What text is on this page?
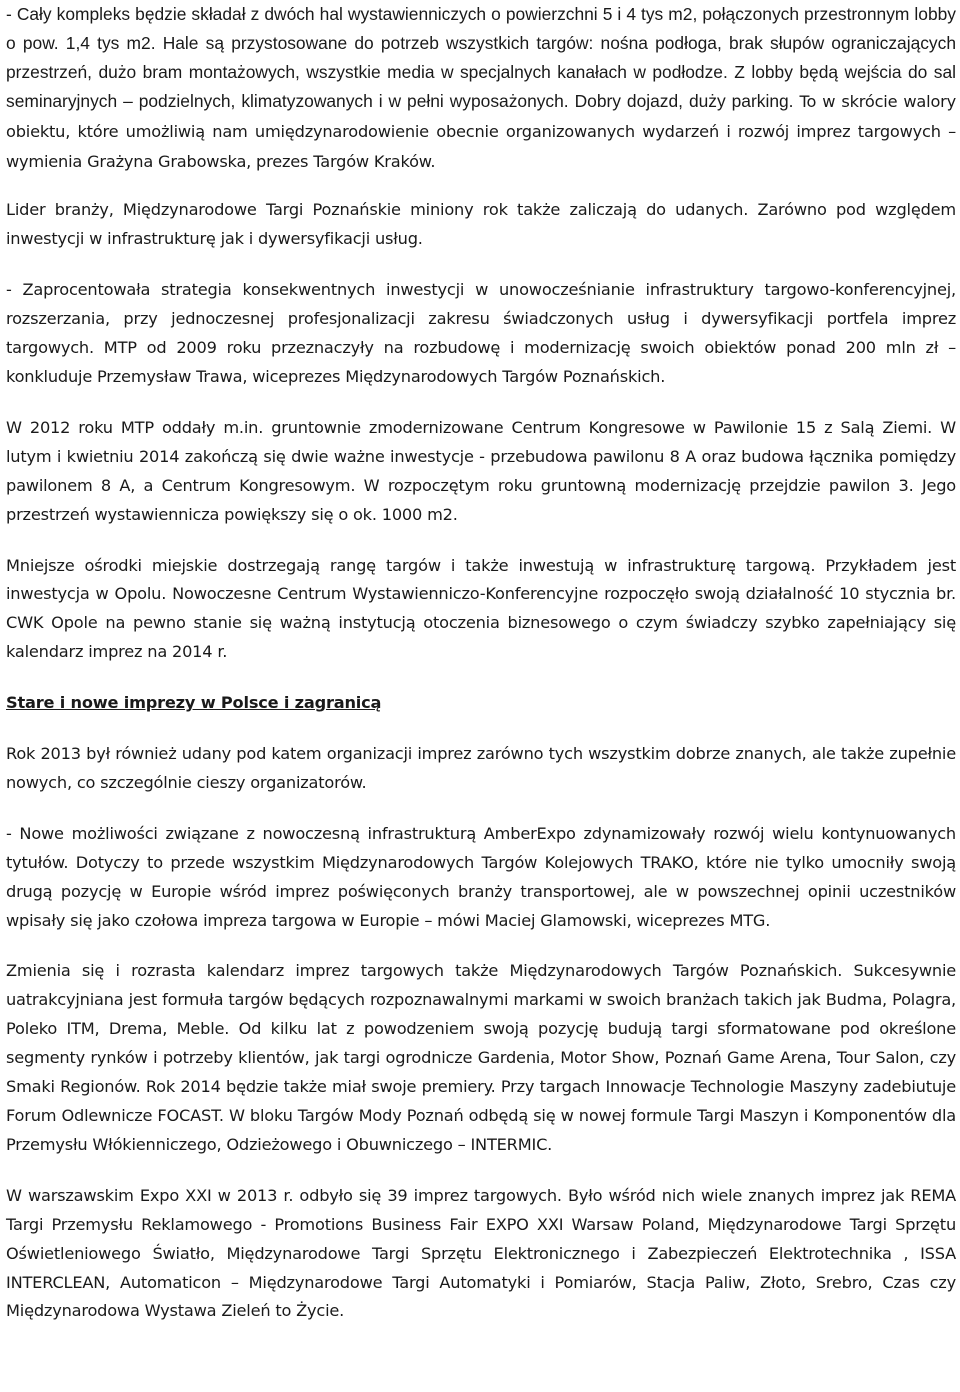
- Cały kompleks będzie składał z dwóch hal wystawienniczych o powierzchni 5 i 4 tys m2, połączonych przestronnym lobby o pow. 1,4 tys m2. Hale są przystosowane do potrzeb wszystkich targów: nośna podłoga, brak słupów ograniczających przestrzeń, dużo bram montażowych, wszystkie media w specjalnych kanałach w podłodze. Z lobby będą wejścia do sal seminaryjnych – podzielnych, klimatyzowanych i w pełni wyposażonych. Dobry dojazd, duży parking. To w skrócie walory obiektu, które umożliwią nam umiędzynarodowienie obecnie organizowanych wydarzeń i rozwój imprez targowych – wymienia Grażyna Grabowska, prezes Targów Kraków.

Lider branży, Międzynarodowe Targi Poznańskie miniony rok także zaliczają do udanych. Zarówno pod względem inwestycji w infrastrukturę jak i dywersyfikacji usług.

- Zaprocentowała strategia konsekwentnych inwestycji w unowocześnianie infrastruktury targowo-konferencyjnej, rozszerzania, przy jednoczesnej profesjonalizacji zakresu świadczonych usług i dywersyfikacji portfela imprez targowych. MTP od 2009 roku przeznaczyły na rozbudowę i modernizację swoich obiektów ponad 200 mln zł – konkluduje Przemysław Trawa, wiceprezes Międzynarodowych Targów Poznańskich.

W 2012 roku MTP oddały m.in. gruntownie zmodernizowane Centrum Kongresowe w Pawilonie 15 z Salą Ziemi. W lutym i kwietniu 2014 zakończą się dwie ważne inwestycje - przebudowa pawilonu 8 A oraz budowa łącznika pomiędzy pawilonem 8 A, a Centrum Kongresowym. W rozpoczętym roku gruntowną modernizację przejdzie pawilon 3. Jego przestrzeń wystawiennicza powiększy się o ok. 1000 m2.

Mniejsze ośrodki miejskie dostrzegają rangę targów i także inwestują w infrastrukturę targową. Przykładem jest inwestycja w Opolu. Nowoczesne Centrum Wystawienniczo-Konferencyjne rozpoczęło swoją działalność 10 stycznia br. CWK Opole na pewno stanie się ważną instytucją otoczenia biznesowego o czym świadczy szybko zapełniający się kalendarz imprez na 2014 r.

Stare i nowe imprezy w Polsce i zagranicą

Rok 2013 był również udany pod katem organizacji imprez zarówno tych wszystkim dobrze znanych, ale także zupełnie nowych, co szczególnie cieszy organizatorów.

- Nowe możliwości związane z nowoczesną infrastrukturą AmberExpo zdynamizowały rozwój wielu kontynuowanych tytułów. Dotyczy to przede wszystkim Międzynarodowych Targów Kolejowych TRAKO, które nie tylko umocniły swoją drugą pozycję w Europie wśród imprez poświęconych branży transportowej, ale w powszechnej opinii uczestników wpisały się jako czołowa impreza targowa w Europie – mówi Maciej Glamowski, wiceprezes MTG.

Zmienia się i rozrasta kalendarz imprez targowych także Międzynarodowych Targów Poznańskich. Sukcesywnie uatrakcyjniana jest formuła targów będących rozpoznawalnymi markami w swoich branżach takich jak Budma, Polagra, Poleko ITM, Drema, Meble. Od kilku lat z powodzeniem swoją pozycję budują targi sformatowane pod określone segmenty rynków i potrzeby klientów, jak targi ogrodnicze Gardenia, Motor Show, Poznań Game Arena, Tour Salon, czy Smaki Regionów. Rok 2014 będzie także miał swoje premiery. Przy targach Innowacje Technologie Maszyny zadebiutuje Forum Odlewnicze FOCAST. W bloku Targów Mody Poznań odbędą się w nowej formule Targi Maszyn i Komponentów dla Przemysłu Włókienniczego, Odzieżowego i Obuwniczego – INTERMIC.

W warszawskim Expo XXI w 2013 r. odbyło się 39 imprez targowych. Było wśród nich wiele znanych imprez jak REMA Targi Przemysłu Reklamowego - Promotions Business Fair EXPO XXI Warsaw Poland, Międzynarodowe Targi Sprzętu Oświetleniowego Światło, Międzynarodowe Targi Sprzętu Elektronicznego i Zabezpieczeń Elektrotechnika , ISSA INTERCLEAN, Automaticon – Międzynarodowe Targi Automatyki i Pomiarów, Stacja Paliw, Złoto, Srebro, Czas czy Międzynarodowa Wystawa Zieleń to Życie.
